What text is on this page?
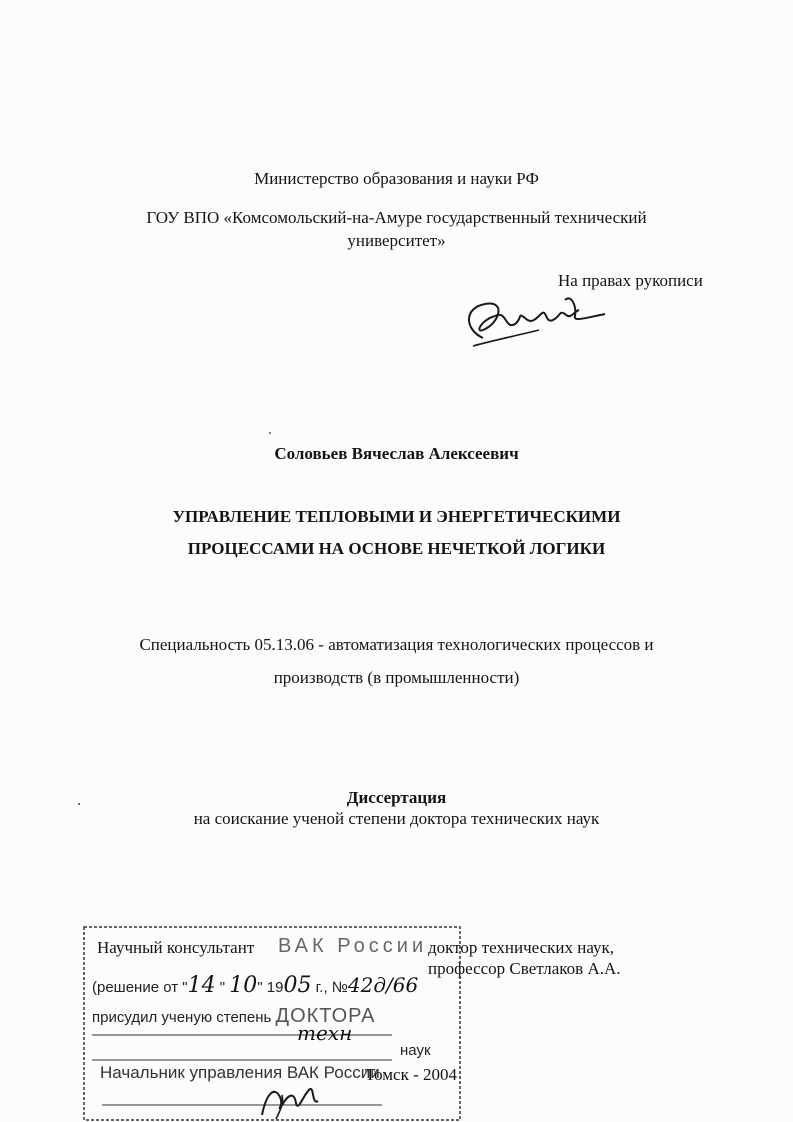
Министерство образования и науки РФ
ГОУ ВПО «Комсомольский-на-Амуре государственный технический
университет»
На правах рукописи
Соловьев Вячеслав Алексеевич
УПРАВЛЕНИЕ ТЕПЛОВЫМИ И ЭНЕРГЕТИЧЕСКИМИ
ПРОЦЕССАМИ НА ОСНОВЕ НЕЧЕТКОЙ ЛОГИКИ
Специальность 05.13.06 - автоматизация технологических процессов и
производств (в промышленности)
Диссертация
на соискание ученой степени доктора технических наук
Научный консультант	доктор технических наук,
профессор Светлаков А.А.
Томск - 2004
ВАК России
(решение от "14 " 10" 1905 г., №42д/66
присудил ученую степень ДОКТОРА
техн
наук
Начальник управления ВАК России
